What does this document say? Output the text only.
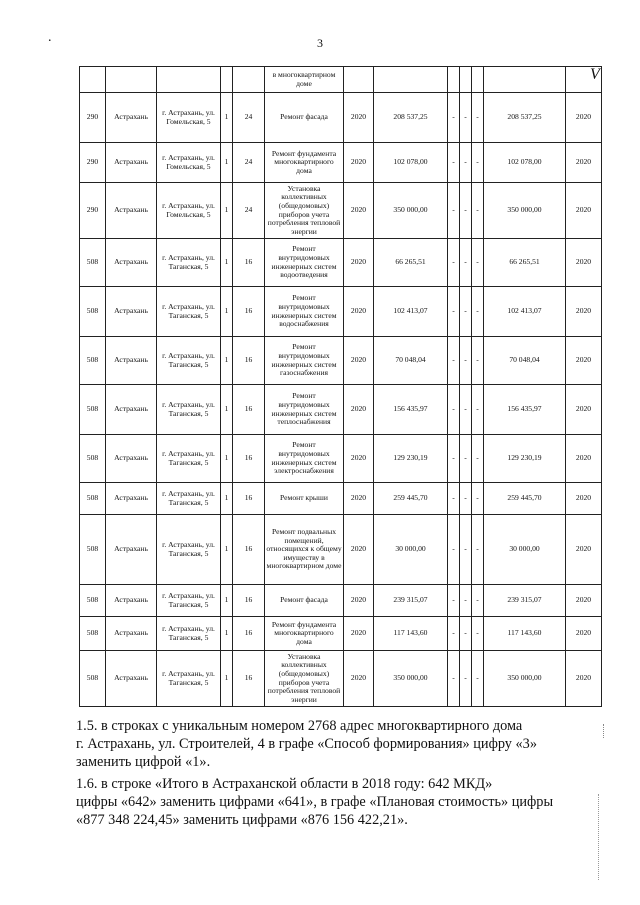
.	3
V
					в многоквартирном доме							
290	Астрахань	г. Астрахань, ул. Гомельская, 5	1	24	Ремонт фасада	2020	208 537,25	-	-	-	208 537,25	2020
290	Астрахань	г. Астрахань, ул. Гомельская, 5	1	24	Ремонт фундамента многоквартирного дома	2020	102 078,00	-	-	-	102 078,00	2020
290	Астрахань	г. Астрахань, ул. Гомельская, 5	1	24	Установка коллективных (общедомовых) приборов учета потребления тепловой энергии	2020	350 000,00	-	-	-	350 000,00	2020
508	Астрахань	г. Астрахань, ул. Таганская, 5	1	16	Ремонт внутридомовых инженерных систем водоотведения	2020	66 265,51	-	-	-	66 265,51	2020
508	Астрахань	г. Астрахань, ул. Таганская, 5	1	16	Ремонт внутридомовых инженерных систем водоснабжения	2020	102 413,07	-	-	-	102 413,07	2020
508	Астрахань	г. Астрахань, ул. Таганская, 5	1	16	Ремонт внутридомовых инженерных систем газоснабжения	2020	70 048,04	-	-	-	70 048,04	2020
508	Астрахань	г. Астрахань, ул. Таганская, 5	1	16	Ремонт внутридомовых инженерных систем теплоснабжения	2020	156 435,97	-	-	-	156 435,97	2020
508	Астрахань	г. Астрахань, ул. Таганская, 5	1	16	Ремонт внутридомовых инженерных систем электроснабжения	2020	129 230,19	-	-	-	129 230,19	2020
508	Астрахань	г. Астрахань, ул. Таганская, 5	1	16	Ремонт крыши	2020	259 445,70	-	-	-	259 445,70	2020
508	Астрахань	г. Астрахань, ул. Таганская, 5	1	16	Ремонт подвальных помещений, относящихся к общему имуществу в многоквартирном доме	2020	30 000,00	-	-	-	30 000,00	2020
508	Астрахань	г. Астрахань, ул. Таганская, 5	1	16	Ремонт фасада	2020	239 315,07	-	-	-	239 315,07	2020
508	Астрахань	г. Астрахань, ул. Таганская, 5	1	16	Ремонт фундамента многоквартирного дома	2020	117 143,60	-	-	-	117 143,60	2020
508	Астрахань	г. Астрахань, ул. Таганская, 5	1	16	Установка коллективных (общедомовых) приборов учета потребления тепловой энергии	2020	350 000,00	-	-	-	350 000,00	2020
1.5. в строках с уникальным номером 2768 адрес многоквартирного дома
г. Астрахань, ул. Строителей, 4 в графе «Способ формирования» цифру «3»
заменить цифрой «1».
1.6. в строке «Итого в Астраханской области в 2018 году: 642 МКД»
цифры «642» заменить цифрами «641», в графе «Плановая стоимость» цифры
«877 348 224,45» заменить цифрами «876 156 422,21».
